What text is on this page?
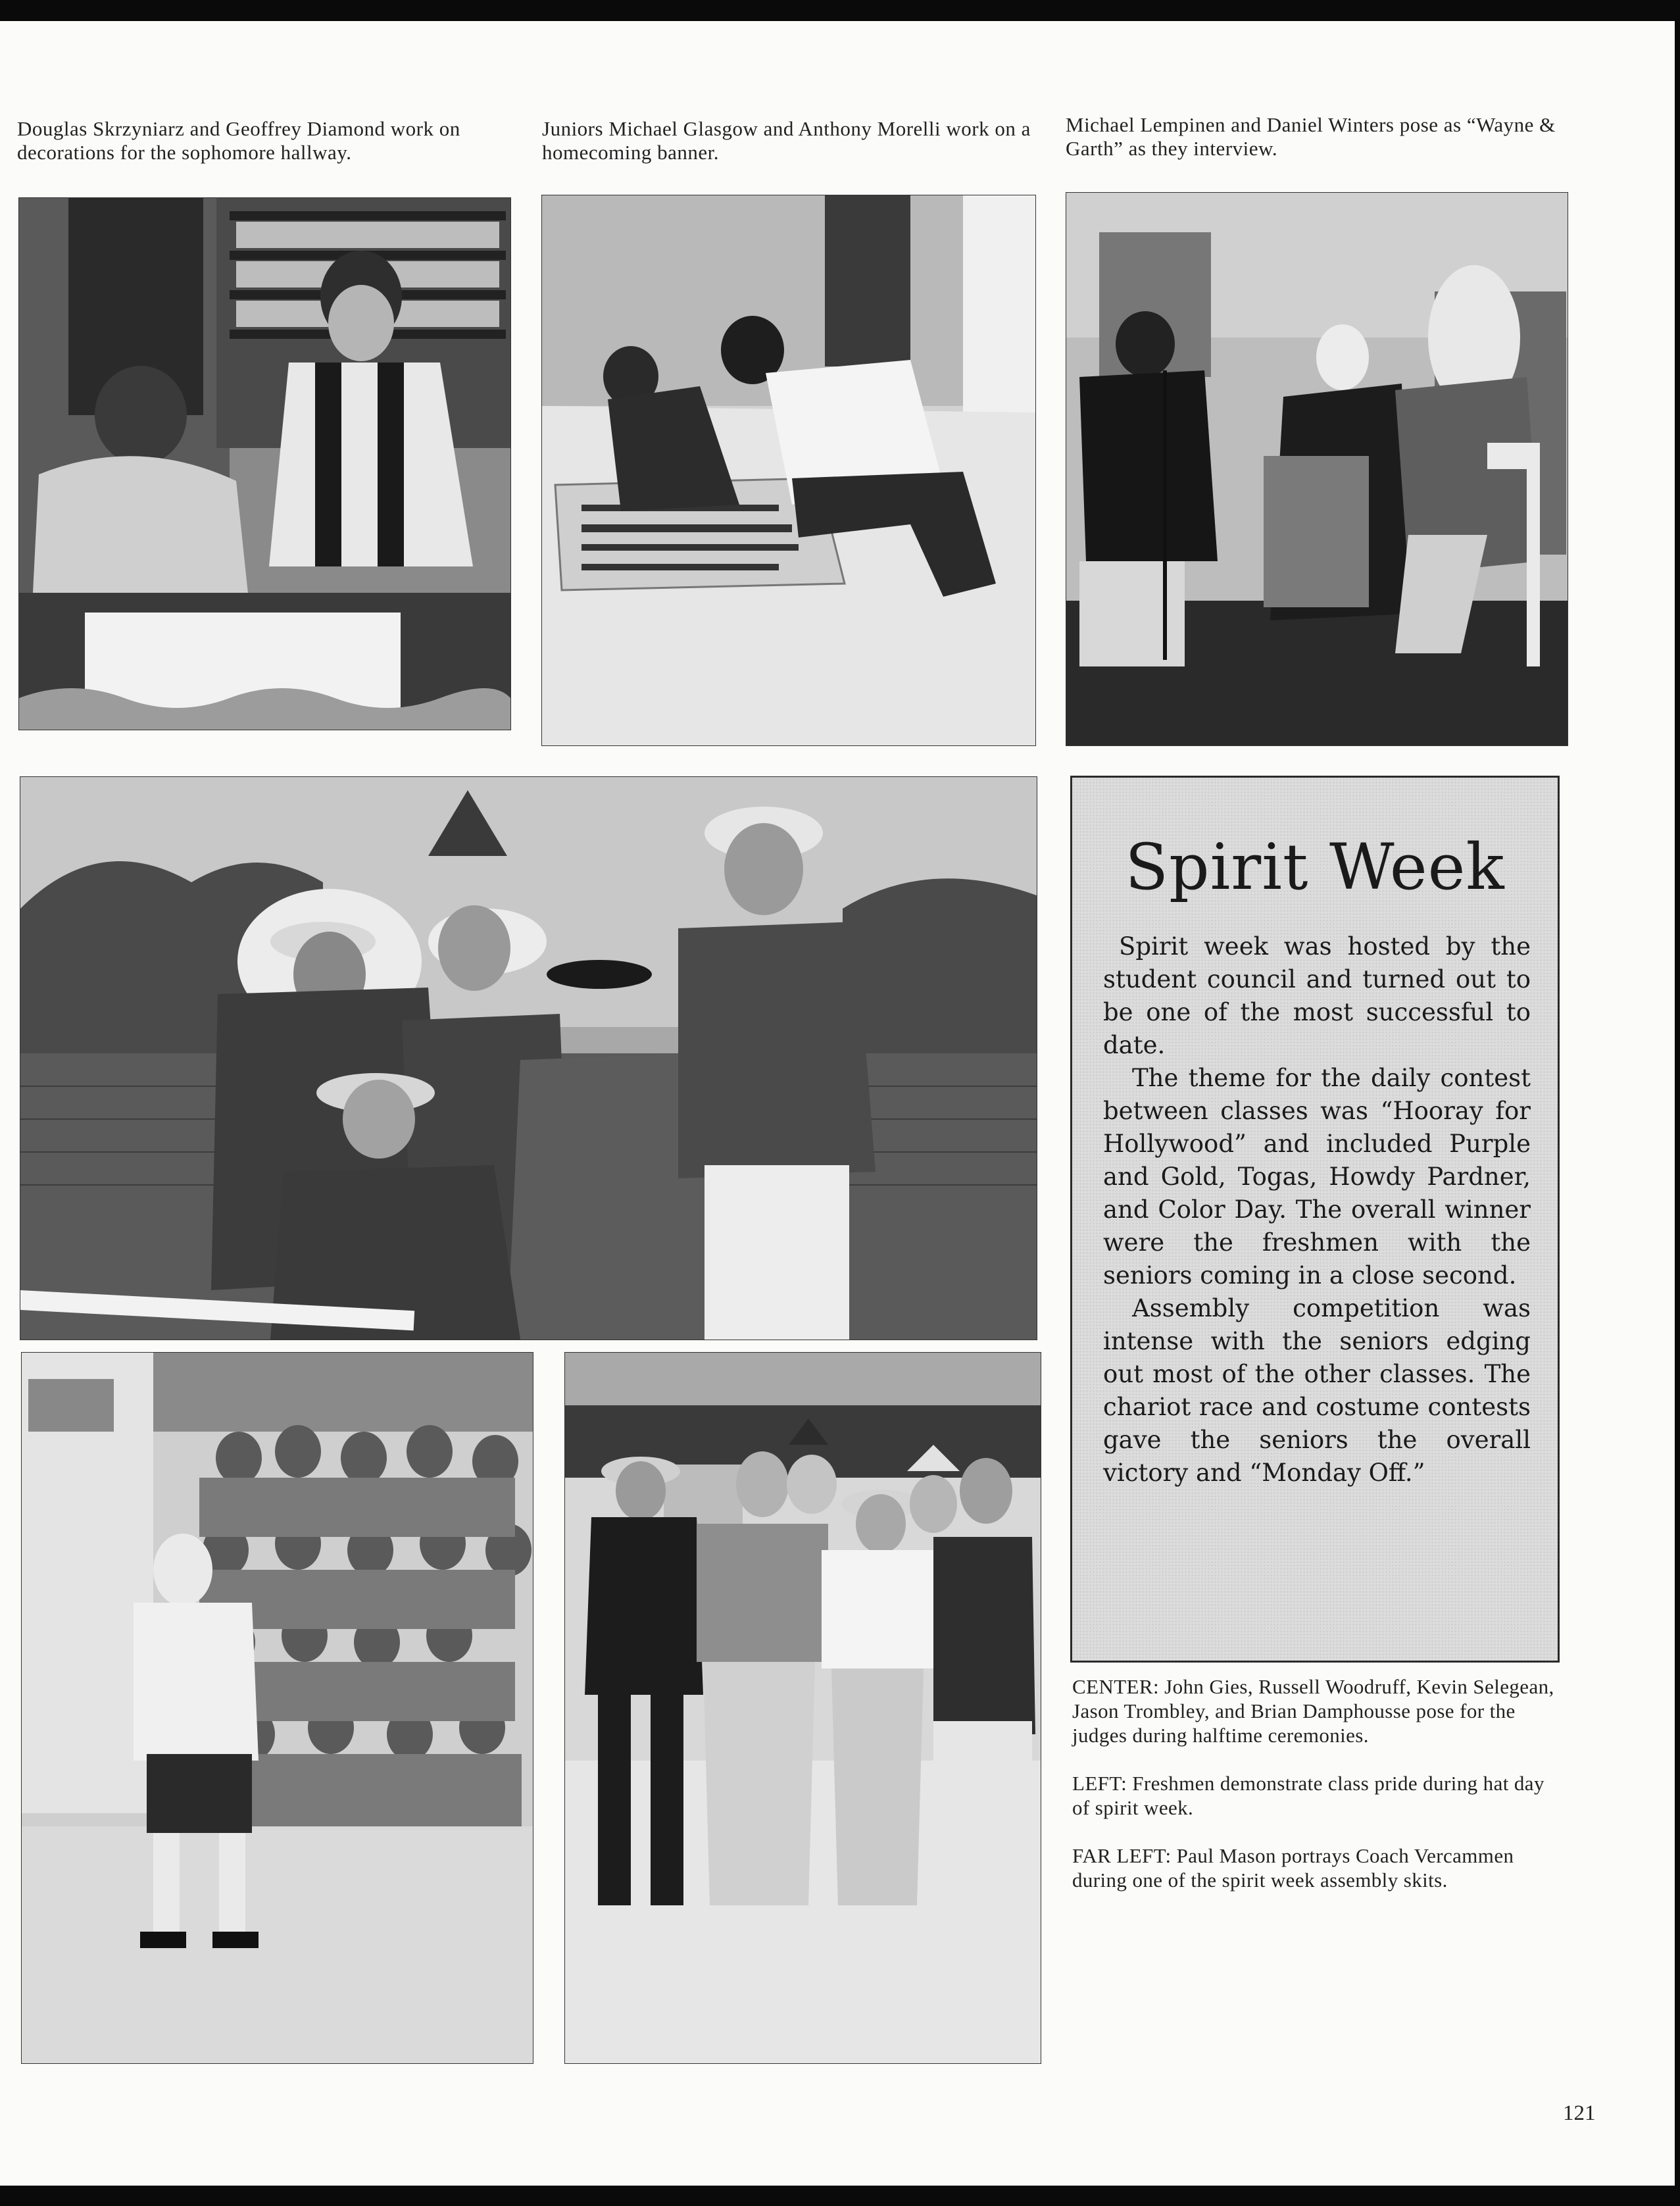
Douglas Skrzyniarz and Geoffrey Diamond work on decorations for the sophomore hallway.

Juniors Michael Glasgow and Anthony Morelli work on a homecoming banner.

Michael Lempinen and Daniel Winters pose as “Wayne & Garth” as they interview.

Spirit Week

Spirit week was hosted by the student council and turned out to be one of the most successful to date.

The theme for the daily contest between classes was “Hooray for Hollywood” and included Purple and Gold, Togas, Howdy Pardner, and Color Day. The overall winner were the freshmen with the seniors coming in a close second.

Assembly competition was intense with the seniors edging out most of the other classes. The chariot race and costume contests gave the seniors the overall victory and “Monday Off.”

CENTER: John Gies, Russell Woodruff, Kevin Selegean, Jason Trombley, and Brian Damphousse pose for the judges during halftime ceremonies.

LEFT: Freshmen demonstrate class pride during hat day of spirit week.

FAR LEFT: Paul Mason portrays Coach Vercammen during one of the spirit week assembly skits.

121
